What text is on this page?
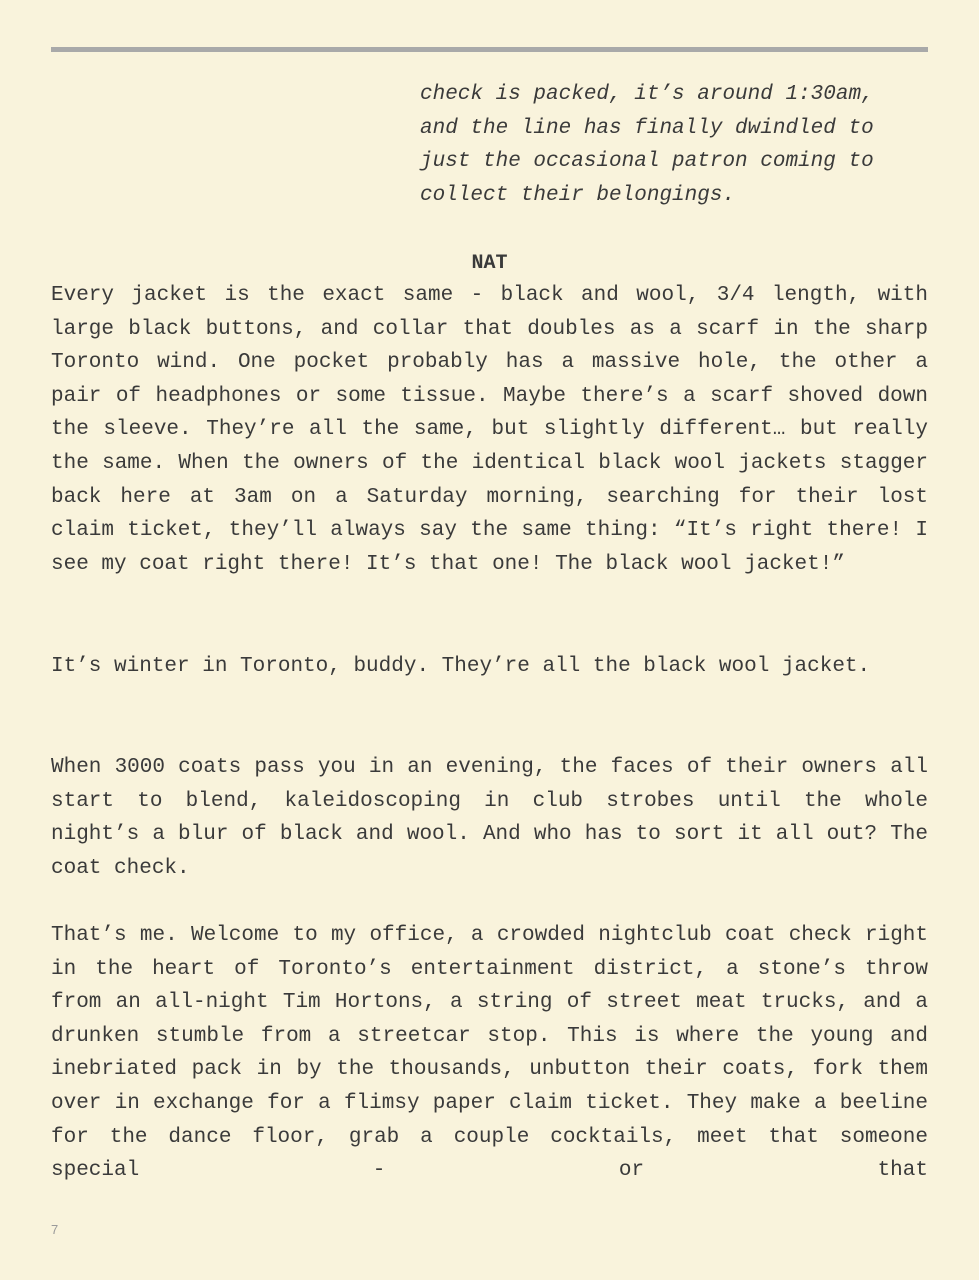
check is packed, it’s around 1:30am,
and the line has finally dwindled to
just the occasional patron coming to
collect their belongings.
NAT
Every jacket is the exact same - black and wool, 3/4 length, with large black buttons, and collar that doubles as a scarf in the sharp Toronto wind. One pocket probably has a massive hole, the other a pair of headphones or some tissue. Maybe there’s a scarf shoved down the sleeve. They’re all the same, but slightly different… but really the same. When the owners of the identical black wool jackets stagger back here at 3am on a Saturday morning, searching for their lost claim ticket, they’ll always say the same thing: “It’s right there! I see my coat right there! It’s that one! The black wool jacket!”
It’s winter in Toronto, buddy. They’re all the black wool jacket.
When 3000 coats pass you in an evening, the faces of their owners all start to blend, kaleidoscoping in club strobes until the whole night’s a blur of black and wool. And who has to sort it all out? The coat check.
That’s me. Welcome to my office, a crowded nightclub coat check right in the heart of Toronto’s entertainment district, a stone’s throw from an all-night Tim Hortons, a string of street meat trucks, and a drunken stumble from a streetcar stop. This is where the young and inebriated pack in by the thousands, unbutton their coats, fork them over in exchange for a flimsy paper claim ticket. They make a beeline for the dance floor, grab a couple cocktails, meet that someone special - or that
7
